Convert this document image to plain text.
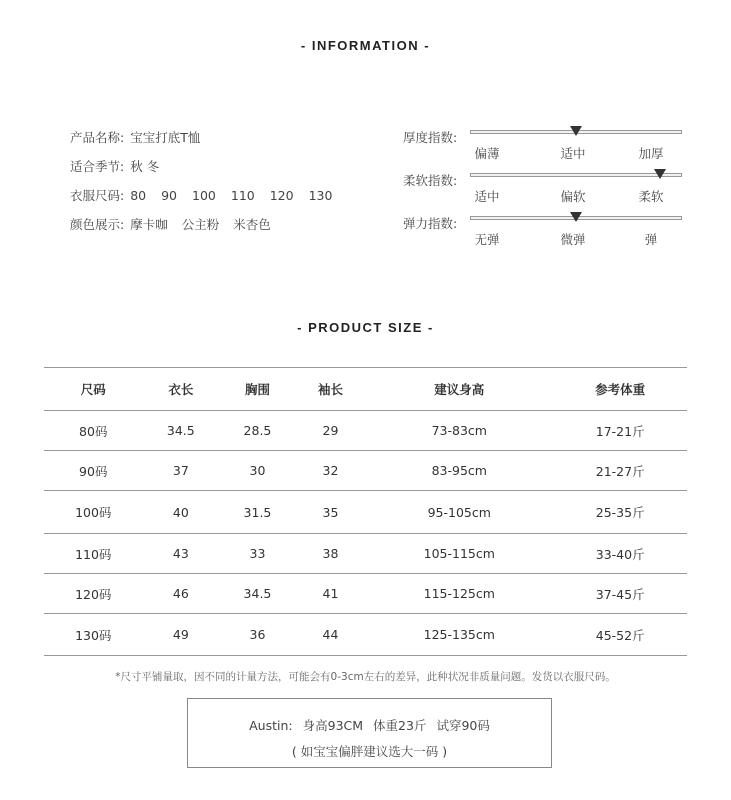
- INFORMATION -
产品名称: 宝宝打底T恤
适合季节: 秋 冬
衣服尺码: 80 90 100 110 120 130
颜色展示: 摩卡咖 公主粉 米杏色
厚度指数:
偏薄	适中	加厚
柔软指数:
适中	偏软	柔软
弹力指数:
无弹	微弹	弹
- PRODUCT SIZE -
尺码	衣长	胸围	袖长	建议身高	参考体重
80码	34.5	28.5	29	73-83cm	17-21斤
90码	37	30	32	83-95cm	21-27斤
100码	40	31.5	35	95-105cm	25-35斤
110码	43	33	38	105-115cm	33-40斤
120码	46	34.5	41	115-125cm	37-45斤
130码	49	36	44	125-135cm	45-52斤
*尺寸平铺量取，因不同的计量方法，可能会有0-3cm左右的差异，此种状况非质量问题。发货以衣服尺码。
Austin: 身高93CM 体重23斤 试穿90码
( 如宝宝偏胖建议选大一码 )
